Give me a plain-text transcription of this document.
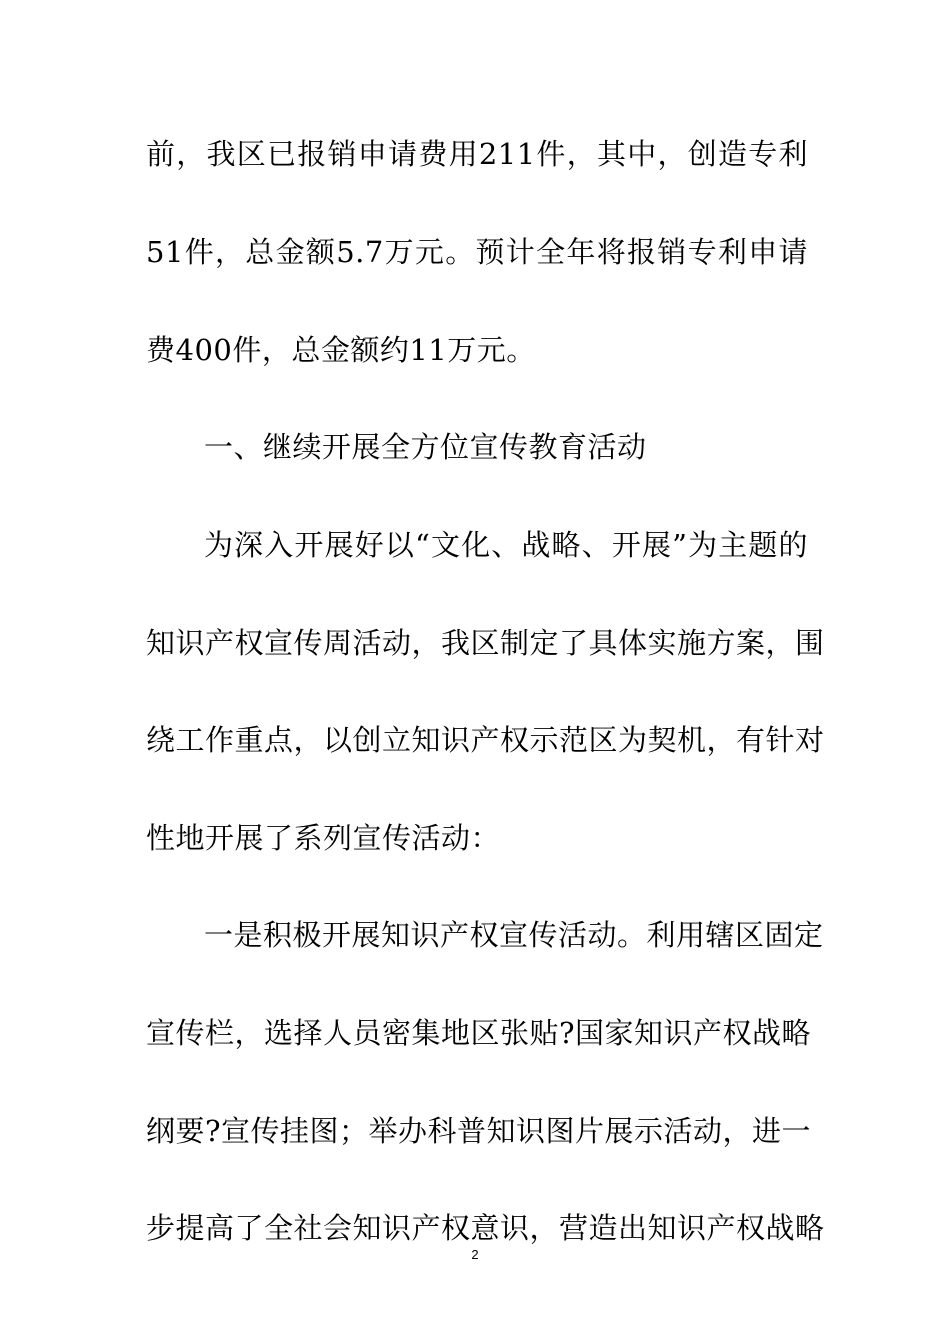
前，我区已报销申请费用211件，其中，创造专利
51件，总金额5.7万元。预计全年将报销专利申请
费400件，总金额约11万元。
一、继续开展全方位宣传教育活动
为深入开展好以“文化、战略、开展”为主题的
知识产权宣传周活动，我区制定了具体实施方案，围
绕工作重点，以创立知识产权示范区为契机，有针对
性地开展了系列宣传活动：
一是积极开展知识产权宣传活动。利用辖区固定
宣传栏，选择人员密集地区张贴?国家知识产权战略
纲要?宣传挂图；举办科普知识图片展示活动，进一
步提高了全社会知识产权意识，营造出知识产权战略
2
